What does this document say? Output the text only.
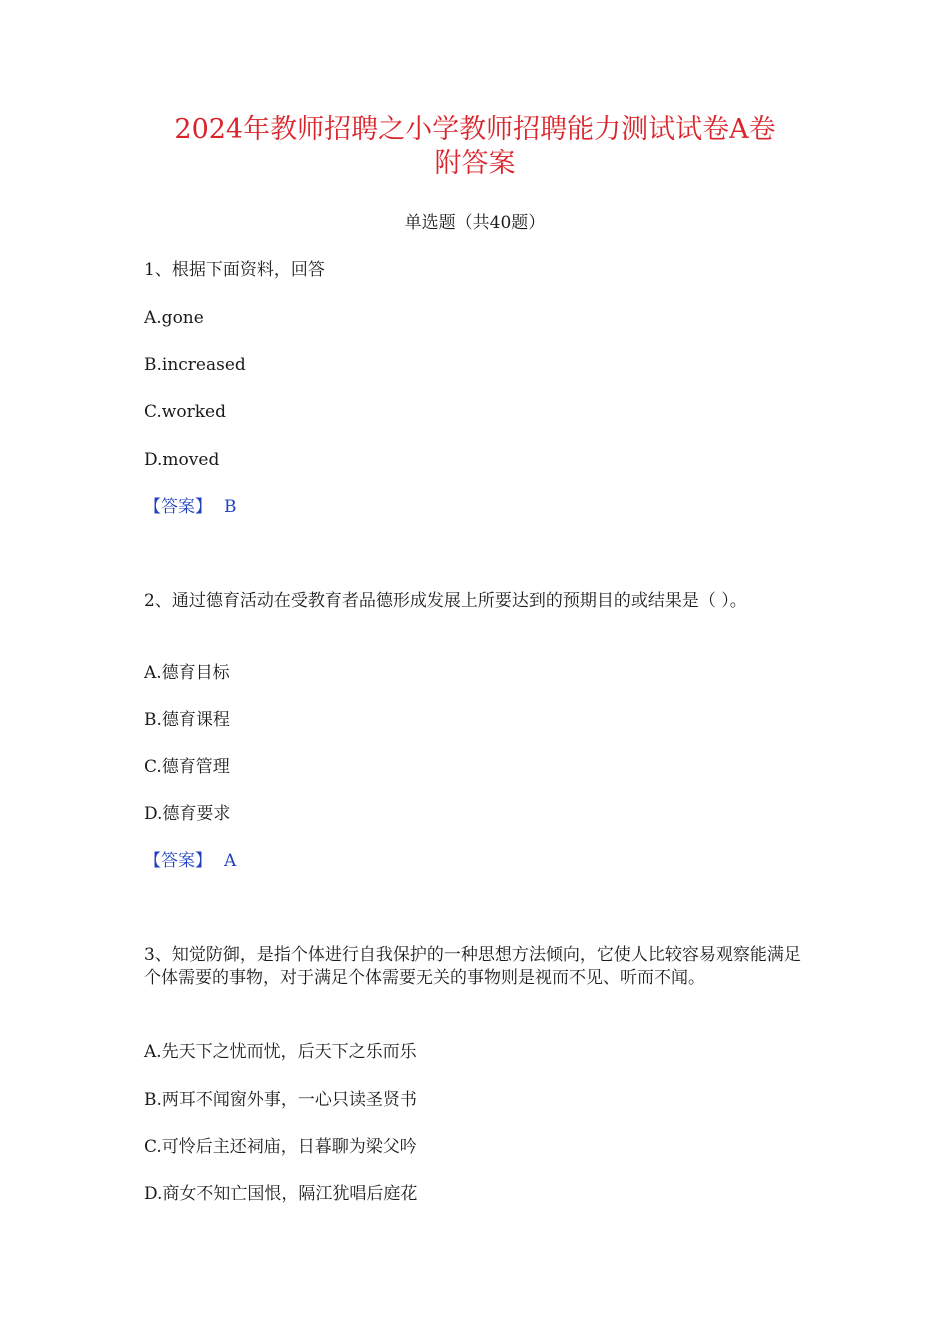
2024年教师招聘之小学教师招聘能力测试试卷A卷
附答案
单选题（共40题）
1、根据下面资料，回答
A.gone
B.increased
C.worked
D.moved
【答案】 B
2、通过德育活动在受教育者品德形成发展上所要达到的预期目的或结果是（ ）。
A.德育目标
B.德育课程
C.德育管理
D.德育要求
【答案】 A
3、知觉防御，是指个体进行自我保护的一种思想方法倾向，它使人比较容易观察能满足个体需要的事物，对于满足个体需要无关的事物则是视而不见、听而不闻。
A.先天下之忧而忧，后天下之乐而乐
B.两耳不闻窗外事，一心只读圣贤书
C.可怜后主还祠庙，日暮聊为梁父吟
D.商女不知亡国恨，隔江犹唱后庭花
